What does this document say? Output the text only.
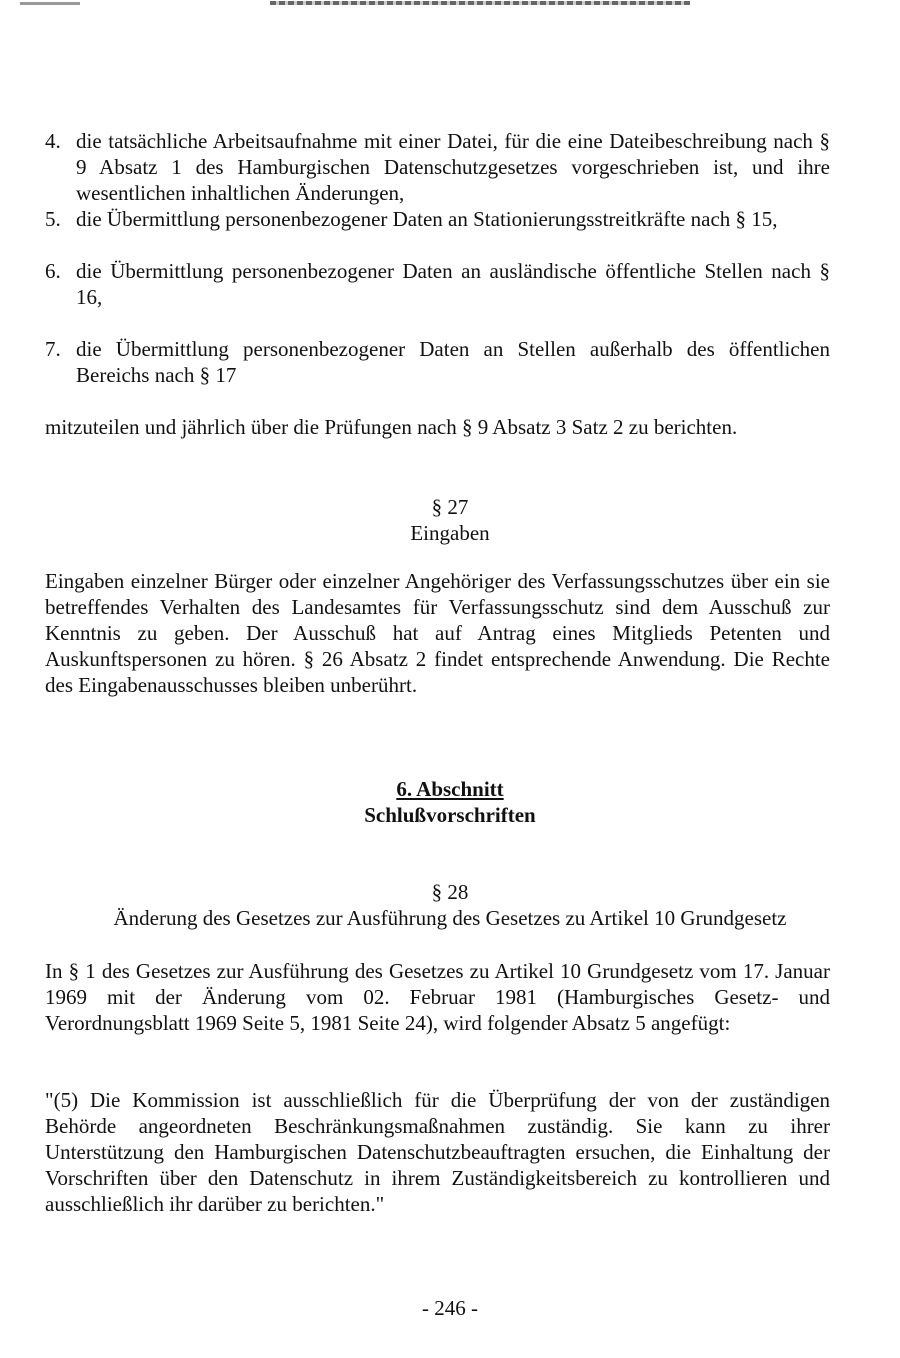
4. die tatsächliche Arbeitsaufnahme mit einer Datei, für die eine Dateibeschreibung nach § 9 Absatz 1 des Hamburgischen Datenschutzgesetzes vorgeschrieben ist, und ihre wesentlichen inhaltlichen Änderungen,
5. die Übermittlung personenbezogener Daten an Stationierungsstreitkräfte nach § 15,
6. die Übermittlung personenbezogener Daten an ausländische öffentliche Stellen nach § 16,
7. die Übermittlung personenbezogener Daten an Stellen außerhalb des öffentlichen Bereichs nach § 17
mitzuteilen und jährlich über die Prüfungen nach § 9 Absatz 3 Satz 2 zu berichten.
§ 27
Eingaben
Eingaben einzelner Bürger oder einzelner Angehöriger des Verfassungsschutzes über ein sie betreffendes Verhalten des Landesamtes für Verfassungsschutz sind dem Ausschuß zur Kenntnis zu geben. Der Ausschuß hat auf Antrag eines Mitglieds Petenten und Auskunftspersonen zu hören. § 26 Absatz 2 findet entsprechende Anwendung. Die Rechte des Eingabenausschusses bleiben unberührt.
6. Abschnitt
Schlußvorschriften
§ 28
Änderung des Gesetzes zur Ausführung des Gesetzes zu Artikel 10 Grundgesetz
In § 1 des Gesetzes zur Ausführung des Gesetzes zu Artikel 10 Grundgesetz vom 17. Januar 1969 mit der Änderung vom 02. Februar 1981 (Hamburgisches Gesetz- und Verordnungsblatt 1969 Seite 5, 1981 Seite 24), wird folgender Absatz 5 angefügt:
"(5) Die Kommission ist ausschließlich für die Überprüfung der von der zuständigen Behörde angeordneten Beschränkungsmaßnahmen zuständig. Sie kann zu ihrer Unterstützung den Hamburgischen Datenschutzbeauftragten ersuchen, die Einhaltung der Vorschriften über den Datenschutz in ihrem Zuständigkeitsbereich zu kontrollieren und ausschließlich ihr darüber zu berichten."
- 246 -
